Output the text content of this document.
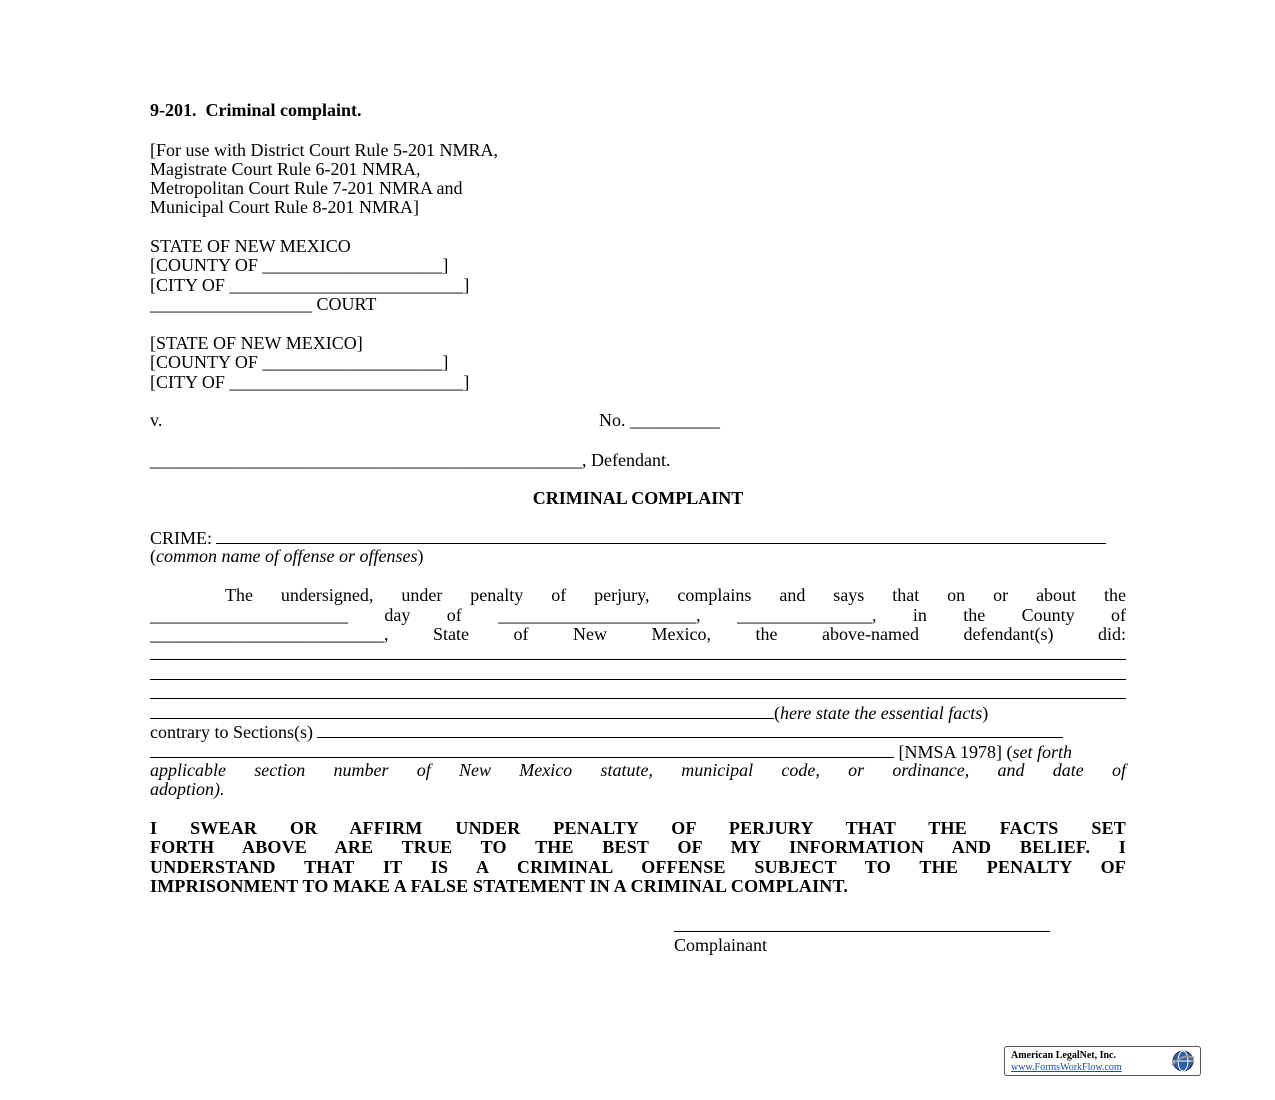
9-201.  Criminal complaint.
[For use with District Court Rule 5-201 NMRA,
Magistrate Court Rule 6-201 NMRA,
Metropolitan Court Rule 7-201 NMRA and
Municipal Court Rule 8-201 NMRA]
STATE OF NEW MEXICO
[COUNTY OF ____________________]
[CITY OF __________________________]
__________________ COURT
[STATE OF NEW MEXICO]
[COUNTY OF ____________________]
[CITY OF __________________________]
v.	No. __________
________________________________________________, Defendant.
CRIMINAL COMPLAINT
CRIME:
(common name of offense or offenses)
The undersigned, under penalty of perjury, complains and says that on or about the
______________________ day of ______________________, _______________, in the County of
__________________________, State of New Mexico, the above-named defendant(s) did:
(here state the essential facts)
contrary to Sections(s)
[NMSA 1978] (set forth
applicable section number of New Mexico statute, municipal code, or ordinance, and date of
adoption).
I SWEAR OR AFFIRM UNDER PENALTY OF PERJURY THAT THE FACTS SET
FORTH ABOVE ARE TRUE TO THE BEST OF MY INFORMATION AND BELIEF. I
UNDERSTAND THAT IT IS A CRIMINAL OFFENSE SUBJECT TO THE PENALTY OF
IMPRISONMENT TO MAKE A FALSE STATEMENT IN A CRIMINAL COMPLAINT.
Complainant
American LegalNet, Inc.
www.FormsWorkFlow.com
